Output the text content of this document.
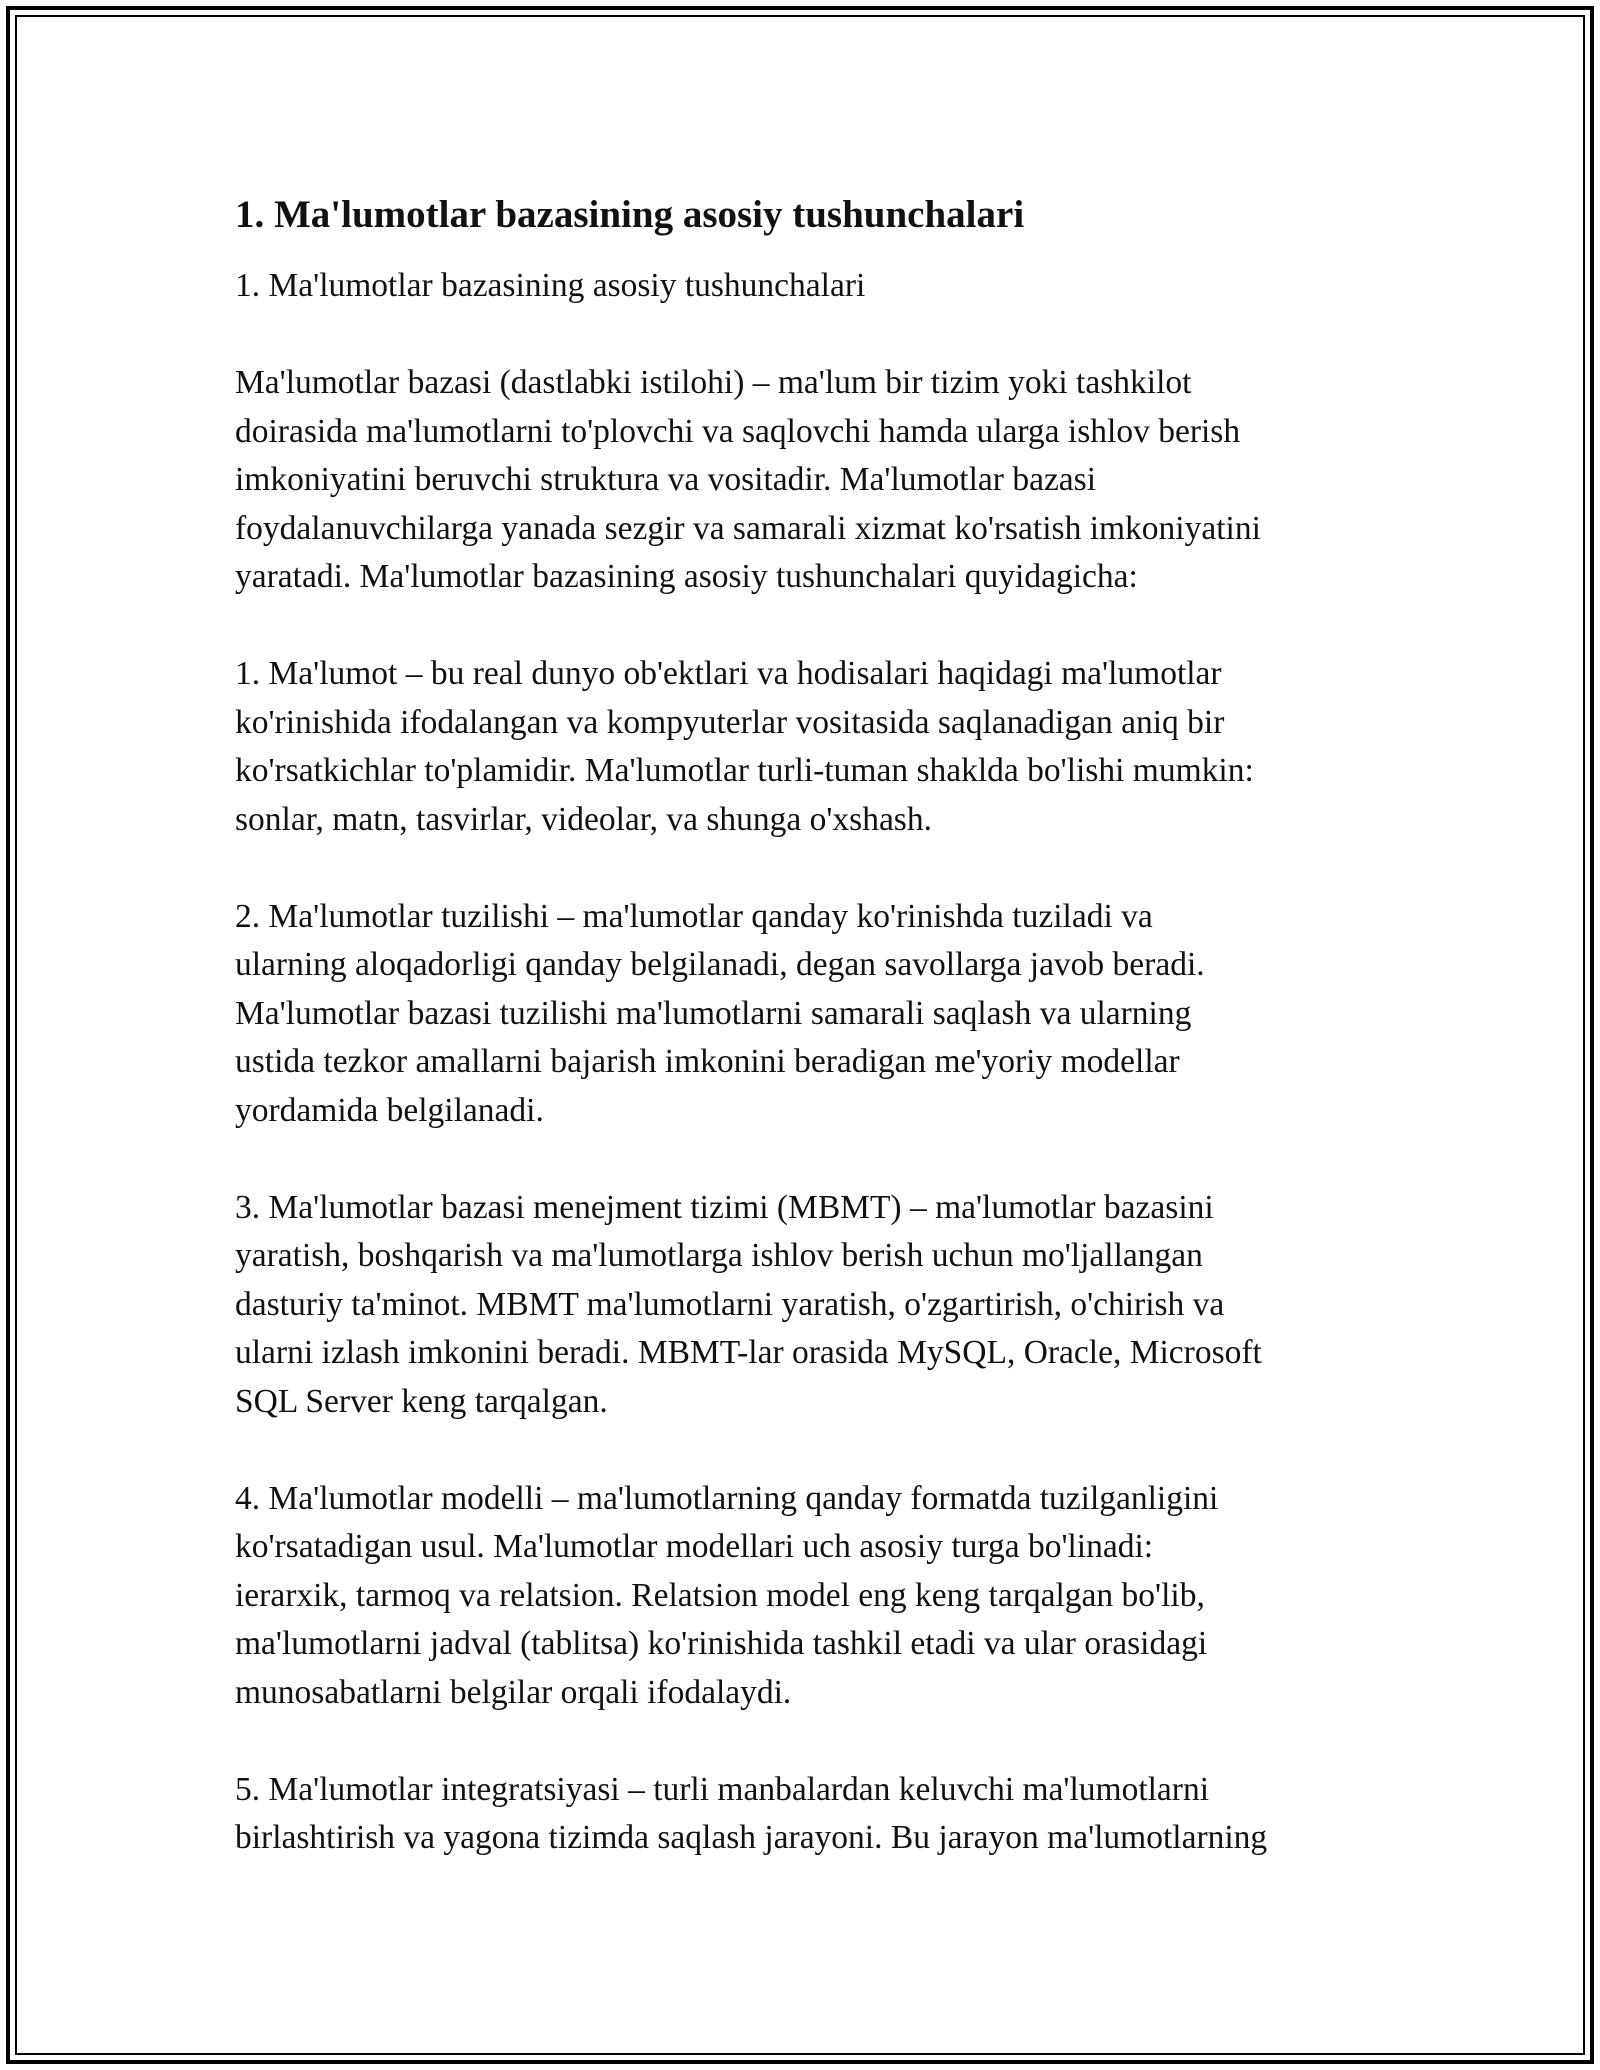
1. Ma'lumotlar bazasining asosiy tushunchalari

1. Ma'lumotlar bazasining asosiy tushunchalari

Ma'lumotlar bazasi (dastlabki istilohi) – ma'lum bir tizim yoki tashkilot
doirasida ma'lumotlarni to'plovchi va saqlovchi hamda ularga ishlov berish
imkoniyatini beruvchi struktura va vositadir. Ma'lumotlar bazasi
foydalanuvchilarga yanada sezgir va samarali xizmat ko'rsatish imkoniyatini
yaratadi. Ma'lumotlar bazasining asosiy tushunchalari quyidagicha:

1. Ma'lumot – bu real dunyo ob'ektlari va hodisalari haqidagi ma'lumotlar
ko'rinishida ifodalangan va kompyuterlar vositasida saqlanadigan aniq bir
ko'rsatkichlar to'plamidir. Ma'lumotlar turli-tuman shaklda bo'lishi mumkin:
sonlar, matn, tasvirlar, videolar, va shunga o'xshash.

2. Ma'lumotlar tuzilishi – ma'lumotlar qanday ko'rinishda tuziladi va
ularning aloqadorligi qanday belgilanadi, degan savollarga javob beradi.
Ma'lumotlar bazasi tuzilishi ma'lumotlarni samarali saqlash va ularning
ustida tezkor amallarni bajarish imkonini beradigan me'yoriy modellar
yordamida belgilanadi.

3. Ma'lumotlar bazasi menejment tizimi (MBMT) – ma'lumotlar bazasini
yaratish, boshqarish va ma'lumotlarga ishlov berish uchun mo'ljallangan
dasturiy ta'minot. MBMT ma'lumotlarni yaratish, o'zgartirish, o'chirish va
ularni izlash imkonini beradi. MBMT-lar orasida MySQL, Oracle, Microsoft
SQL Server keng tarqalgan.

4. Ma'lumotlar modelli – ma'lumotlarning qanday formatda tuzilganligini
ko'rsatadigan usul. Ma'lumotlar modellari uch asosiy turga bo'linadi:
ierarxik, tarmoq va relatsion. Relatsion model eng keng tarqalgan bo'lib,
ma'lumotlarni jadval (tablitsa) ko'rinishida tashkil etadi va ular orasidagi
munosabatlarni belgilar orqali ifodalaydi.

5. Ma'lumotlar integratsiyasi – turli manbalardan keluvchi ma'lumotlarni
birlashtirish va yagona tizimda saqlash jarayoni. Bu jarayon ma'lumotlarning
